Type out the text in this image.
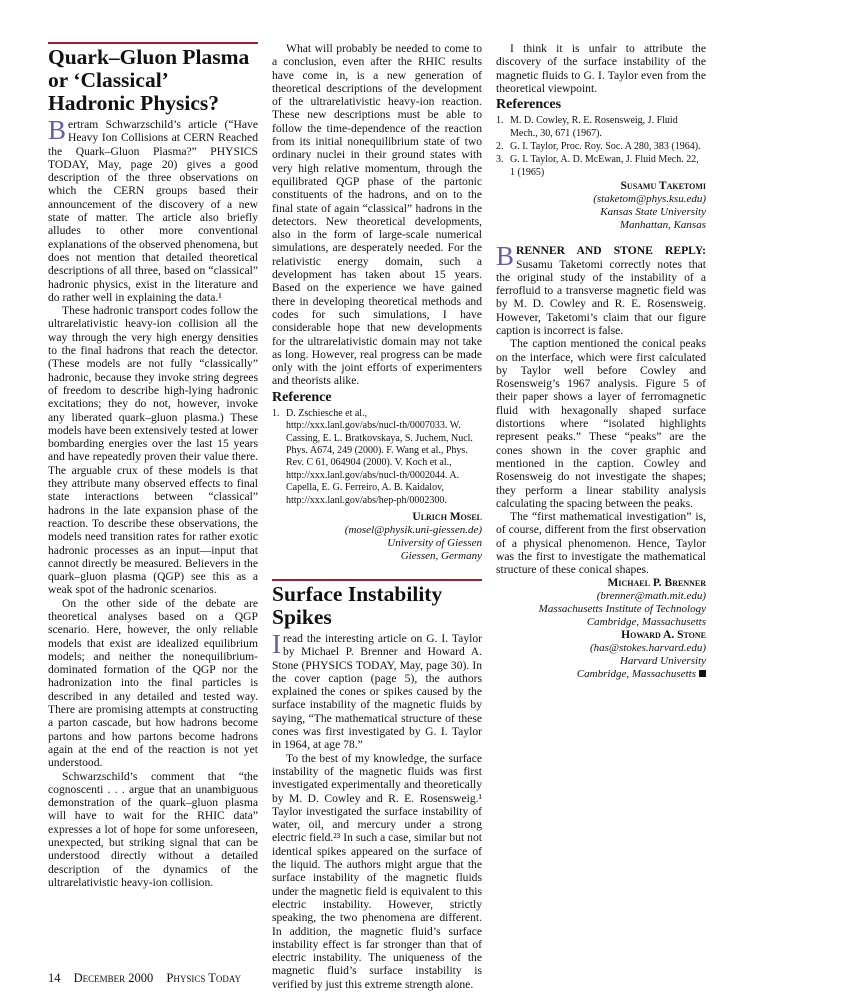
Quark–Gluon Plasma or ‘Classical’ Hadronic Physics?

Bertram Schwarzschild’s article (“Have Heavy Ion Collisions at CERN Reached the Quark–Gluon Plasma?” PHYSICS TODAY, May, page 20) gives a good description of the three observations on which the CERN groups based their announcement of the discovery of a new state of matter. The article also briefly alludes to other more conventional explanations of the observed phenomena, but does not mention that detailed theoretical descriptions of all three, based on “classical” hadronic physics, exist in the literature and do rather well in explaining the data.¹

These hadronic transport codes follow the ultrarelativistic heavy-ion collision all the way through the very high energy densities to the final hadrons that reach the detector. (These models are not fully “classically” hadronic, because they invoke string degrees of freedom to describe high-lying hadronic excitations; they do not, however, invoke any liberated quark–gluon plasma.) These models have been extensively tested at lower bombarding energies over the last 15 years and have repeatedly proven their value there. The arguable crux of these models is that they attribute many observed effects to final state interactions between “classical” hadrons in the late expansion phase of the reaction. To describe these observations, the models need transition rates for rather exotic hadronic processes as an input—input that cannot directly be measured. Believers in the quark–gluon plasma (QGP) see this as a weak spot of the hadronic scenarios.

On the other side of the debate are theoretical analyses based on a QGP scenario. Here, however, the only reliable models that exist are idealized equilibrium models; and neither the nonequilibrium-dominated formation of the QGP nor the hadronization into the final particles is described in any detailed and tested way. There are promising attempts at constructing a parton cascade, but how hadrons become partons and how partons become hadrons again at the end of the reaction is not yet understood.

Schwarzschild’s comment that “the cognoscenti . . . argue that an unambiguous demonstration of the quark–gluon plasma will have to wait for the RHIC data” expresses a lot of hope for some unforeseen, unexpected, but striking signal that can be understood directly without a detailed description of the dynamics of the ultrarelativistic heavy-ion collision.

What will probably be needed to come to a conclusion, even after the RHIC results have come in, is a new generation of theoretical descriptions of the development of the ultrarelativistic heavy-ion reaction. These new descriptions must be able to follow the time-dependence of the reaction from its initial nonequilibrium state of two ordinary nuclei in their ground states with very high relative momentum, through the equilibrated QGP phase of the partonic constituents of the hadrons, and on to the final state of again “classical” hadrons in the detectors. New theoretical developments, also in the form of large-scale numerical simulations, are desperately needed. For the relativistic energy domain, such a development has taken about 15 years. Based on the experience we have gained there in developing theoretical methods and codes for such simulations, I have considerable hope that new developments for the ultrarelativistic domain may not take as long. However, real progress can be made only with the joint efforts of experimenters and theorists alike.

Reference
1. D. Zschiesche et al., http://xxx.lanl.gov/abs/nucl-th/0007033. W. Cassing, E. L. Bratkovskaya, S. Juchem, Nucl. Phys. A674, 249 (2000). F. Wang et al., Phys. Rev. C 61, 064904 (2000). V. Koch et al., http://xxx.lanl.gov/abs/nucl-th/0002044. A. Capella, E. G. Ferreiro, A. B. Kaidalov, http://xxx.lanl.gov/abs/hep-ph/0002300.
Ulrich Mosel
(mosel@physik.uni-giessen.de)
University of Giessen
Giessen, Germany
Surface Instability Spikes

I read the interesting article on G. I. Taylor by Michael P. Brenner and Howard A. Stone (PHYSICS TODAY, May, page 30). In the cover caption (page 5), the authors explained the cones or spikes caused by the surface instability of the magnetic fluids by saying, “The mathematical structure of these cones was first investigated by G. I. Taylor in 1964, at age 78.”

To the best of my knowledge, the surface instability of the magnetic fluids was first investigated experimentally and theoretically by M. D. Cowley and R. E. Rosensweig.¹ Taylor investigated the surface instability of water, oil, and mercury under a strong electric field.²³ In such a case, similar but not identical spikes appeared on the surface of the liquid. The authors might argue that the surface instability of the magnetic fluids under the magnetic field is equivalent to this electric instability. However, strictly speaking, the two phenomena are different. In addition, the magnetic fluid’s surface instability effect is far stronger than that of electric instability. The uniqueness of the magnetic fluid’s surface instability is verified by just this extreme strength alone.

I think it is unfair to attribute the discovery of the surface instability of the magnetic fluids to G. I. Taylor even from the theoretical viewpoint.

References
1. M. D. Cowley, R. E. Rosensweig, J. Fluid Mech., 30, 671 (1967).
2. G. I. Taylor, Proc. Roy. Soc. A 280, 383 (1964).
3. G. I. Taylor, A. D. McEwan, J. Fluid Mech. 22, 1 (1965)
Susamu Taketomi
(staketom@phys.ksu.edu)
Kansas State University
Manhattan, Kansas

BRENNER AND STONE REPLY: Susamu Taketomi correctly notes that the original study of the instability of a ferrofluid to a transverse magnetic field was by M. D. Cowley and R. E. Rosensweig. However, Taketomi’s claim that our figure caption is incorrect is false.

The caption mentioned the conical peaks on the interface, which were first calculated by Taylor well before Cowley and Rosensweig’s 1967 analysis. Figure 5 of their paper shows a layer of ferromagnetic fluid with hexagonally shaped surface distortions where “isolated highlights represent peaks.” These “peaks” are the cones shown in the cover graphic and mentioned in the caption. Cowley and Rosensweig do not investigate the shapes; they perform a linear stability analysis calculating the spacing between the peaks.

The “first mathematical investigation” is, of course, different from the first observation of a physical phenomenon. Hence, Taylor was the first to investigate the mathematical structure of these conical shapes.

Michael P. Brenner
(brenner@math.mit.edu)
Massachusetts Institute of Technology
Cambridge, Massachusetts
Howard A. Stone
(has@stokes.harvard.edu)
Harvard University
Cambridge, Massachusetts
14 December 2000 Physics Today
